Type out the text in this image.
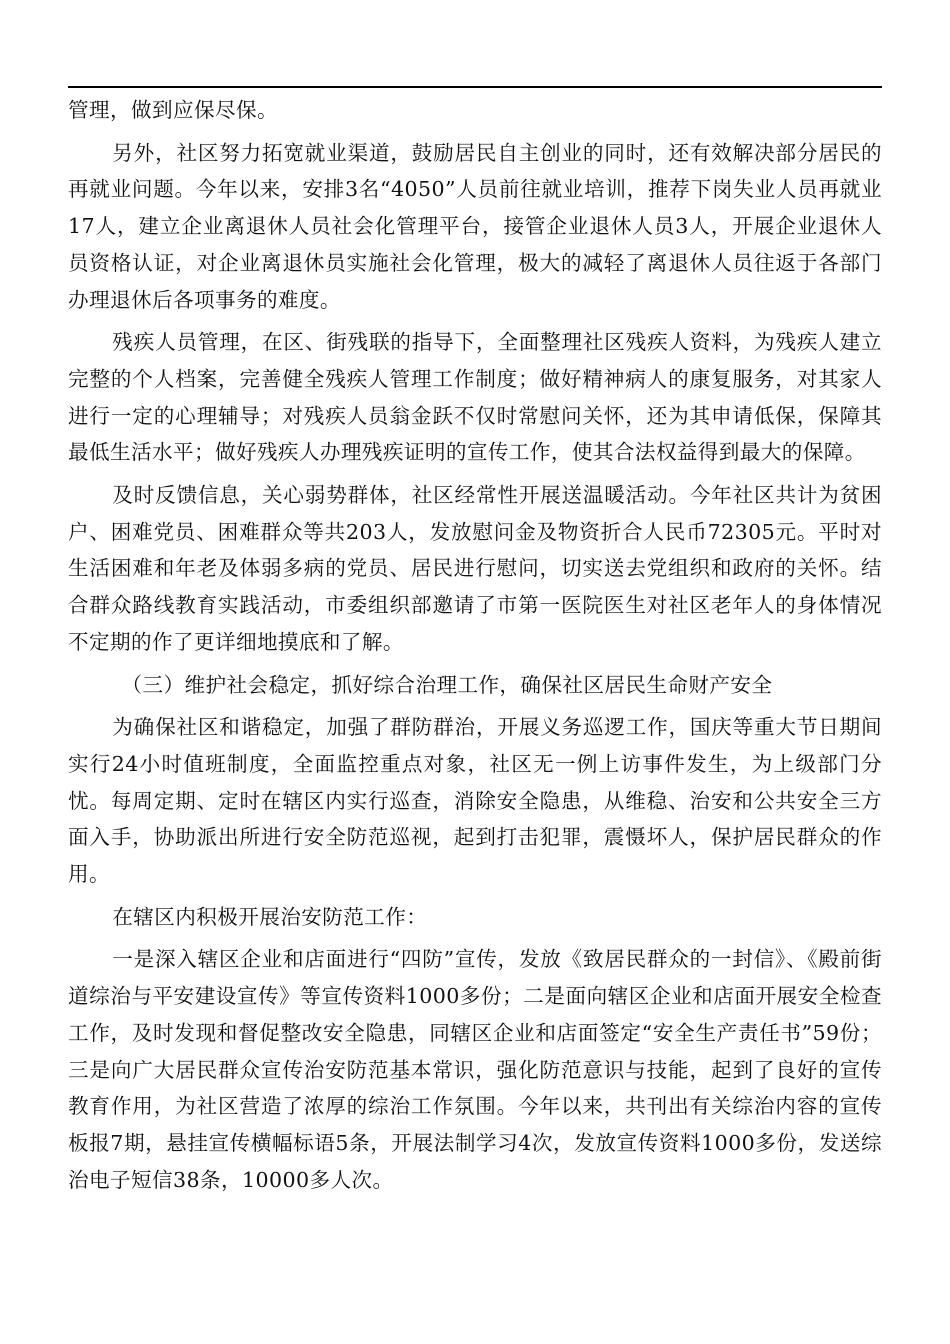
管理，做到应保尽保。

另外，社区努力拓宽就业渠道，鼓励居民自主创业的同时，还有效解决部分居民的再就业问题。今年以来，安排3名“4050”人员前往就业培训，推荐下岗失业人员再就业17人，建立企业离退休人员社会化管理平台，接管企业退休人员3人，开展企业退休人员资格认证，对企业离退休员实施社会化管理，极大的减轻了离退休人员往返于各部门办理退休后各项事务的难度。

残疾人员管理，在区、街残联的指导下，全面整理社区残疾人资料，为残疾人建立完整的个人档案，完善健全残疾人管理工作制度；做好精神病人的康复服务，对其家人进行一定的心理辅导；对残疾人员翁金跃不仅时常慰问关怀，还为其申请低保，保障其最低生活水平；做好残疾人办理残疾证明的宣传工作，使其合法权益得到最大的保障。

及时反馈信息，关心弱势群体，社区经常性开展送温暖活动。今年社区共计为贫困户、困难党员、困难群众等共203人，发放慰问金及物资折合人民币72305元。平时对生活困难和年老及体弱多病的党员、居民进行慰问，切实送去党组织和政府的关怀。结合群众路线教育实践活动，市委组织部邀请了市第一医院医生对社区老年人的身体情况不定期的作了更详细地摸底和了解。

（三）维护社会稳定，抓好综合治理工作，确保社区居民生命财产安全

为确保社区和谐稳定，加强了群防群治，开展义务巡逻工作，国庆等重大节日期间实行24小时值班制度，全面监控重点对象，社区无一例上访事件发生，为上级部门分忧。每周定期、定时在辖区内实行巡查，消除安全隐患，从维稳、治安和公共安全三方面入手，协助派出所进行安全防范巡视，起到打击犯罪，震慑坏人，保护居民群众的作用。

在辖区内积极开展治安防范工作：

一是深入辖区企业和店面进行“四防”宣传，发放《致居民群众的一封信》、《殿前街道综治与平安建设宣传》等宣传资料1000多份；二是面向辖区企业和店面开展安全检查工作，及时发现和督促整改安全隐患，同辖区企业和店面签定“安全生产责任书”59份；三是向广大居民群众宣传治安防范基本常识，强化防范意识与技能，起到了良好的宣传教育作用，为社区营造了浓厚的综治工作氛围。今年以来，共刊出有关综治内容的宣传板报7期，悬挂宣传横幅标语5条，开展法制学习4次，发放宣传资料1000多份，发送综治电子短信38条，10000多人次。
